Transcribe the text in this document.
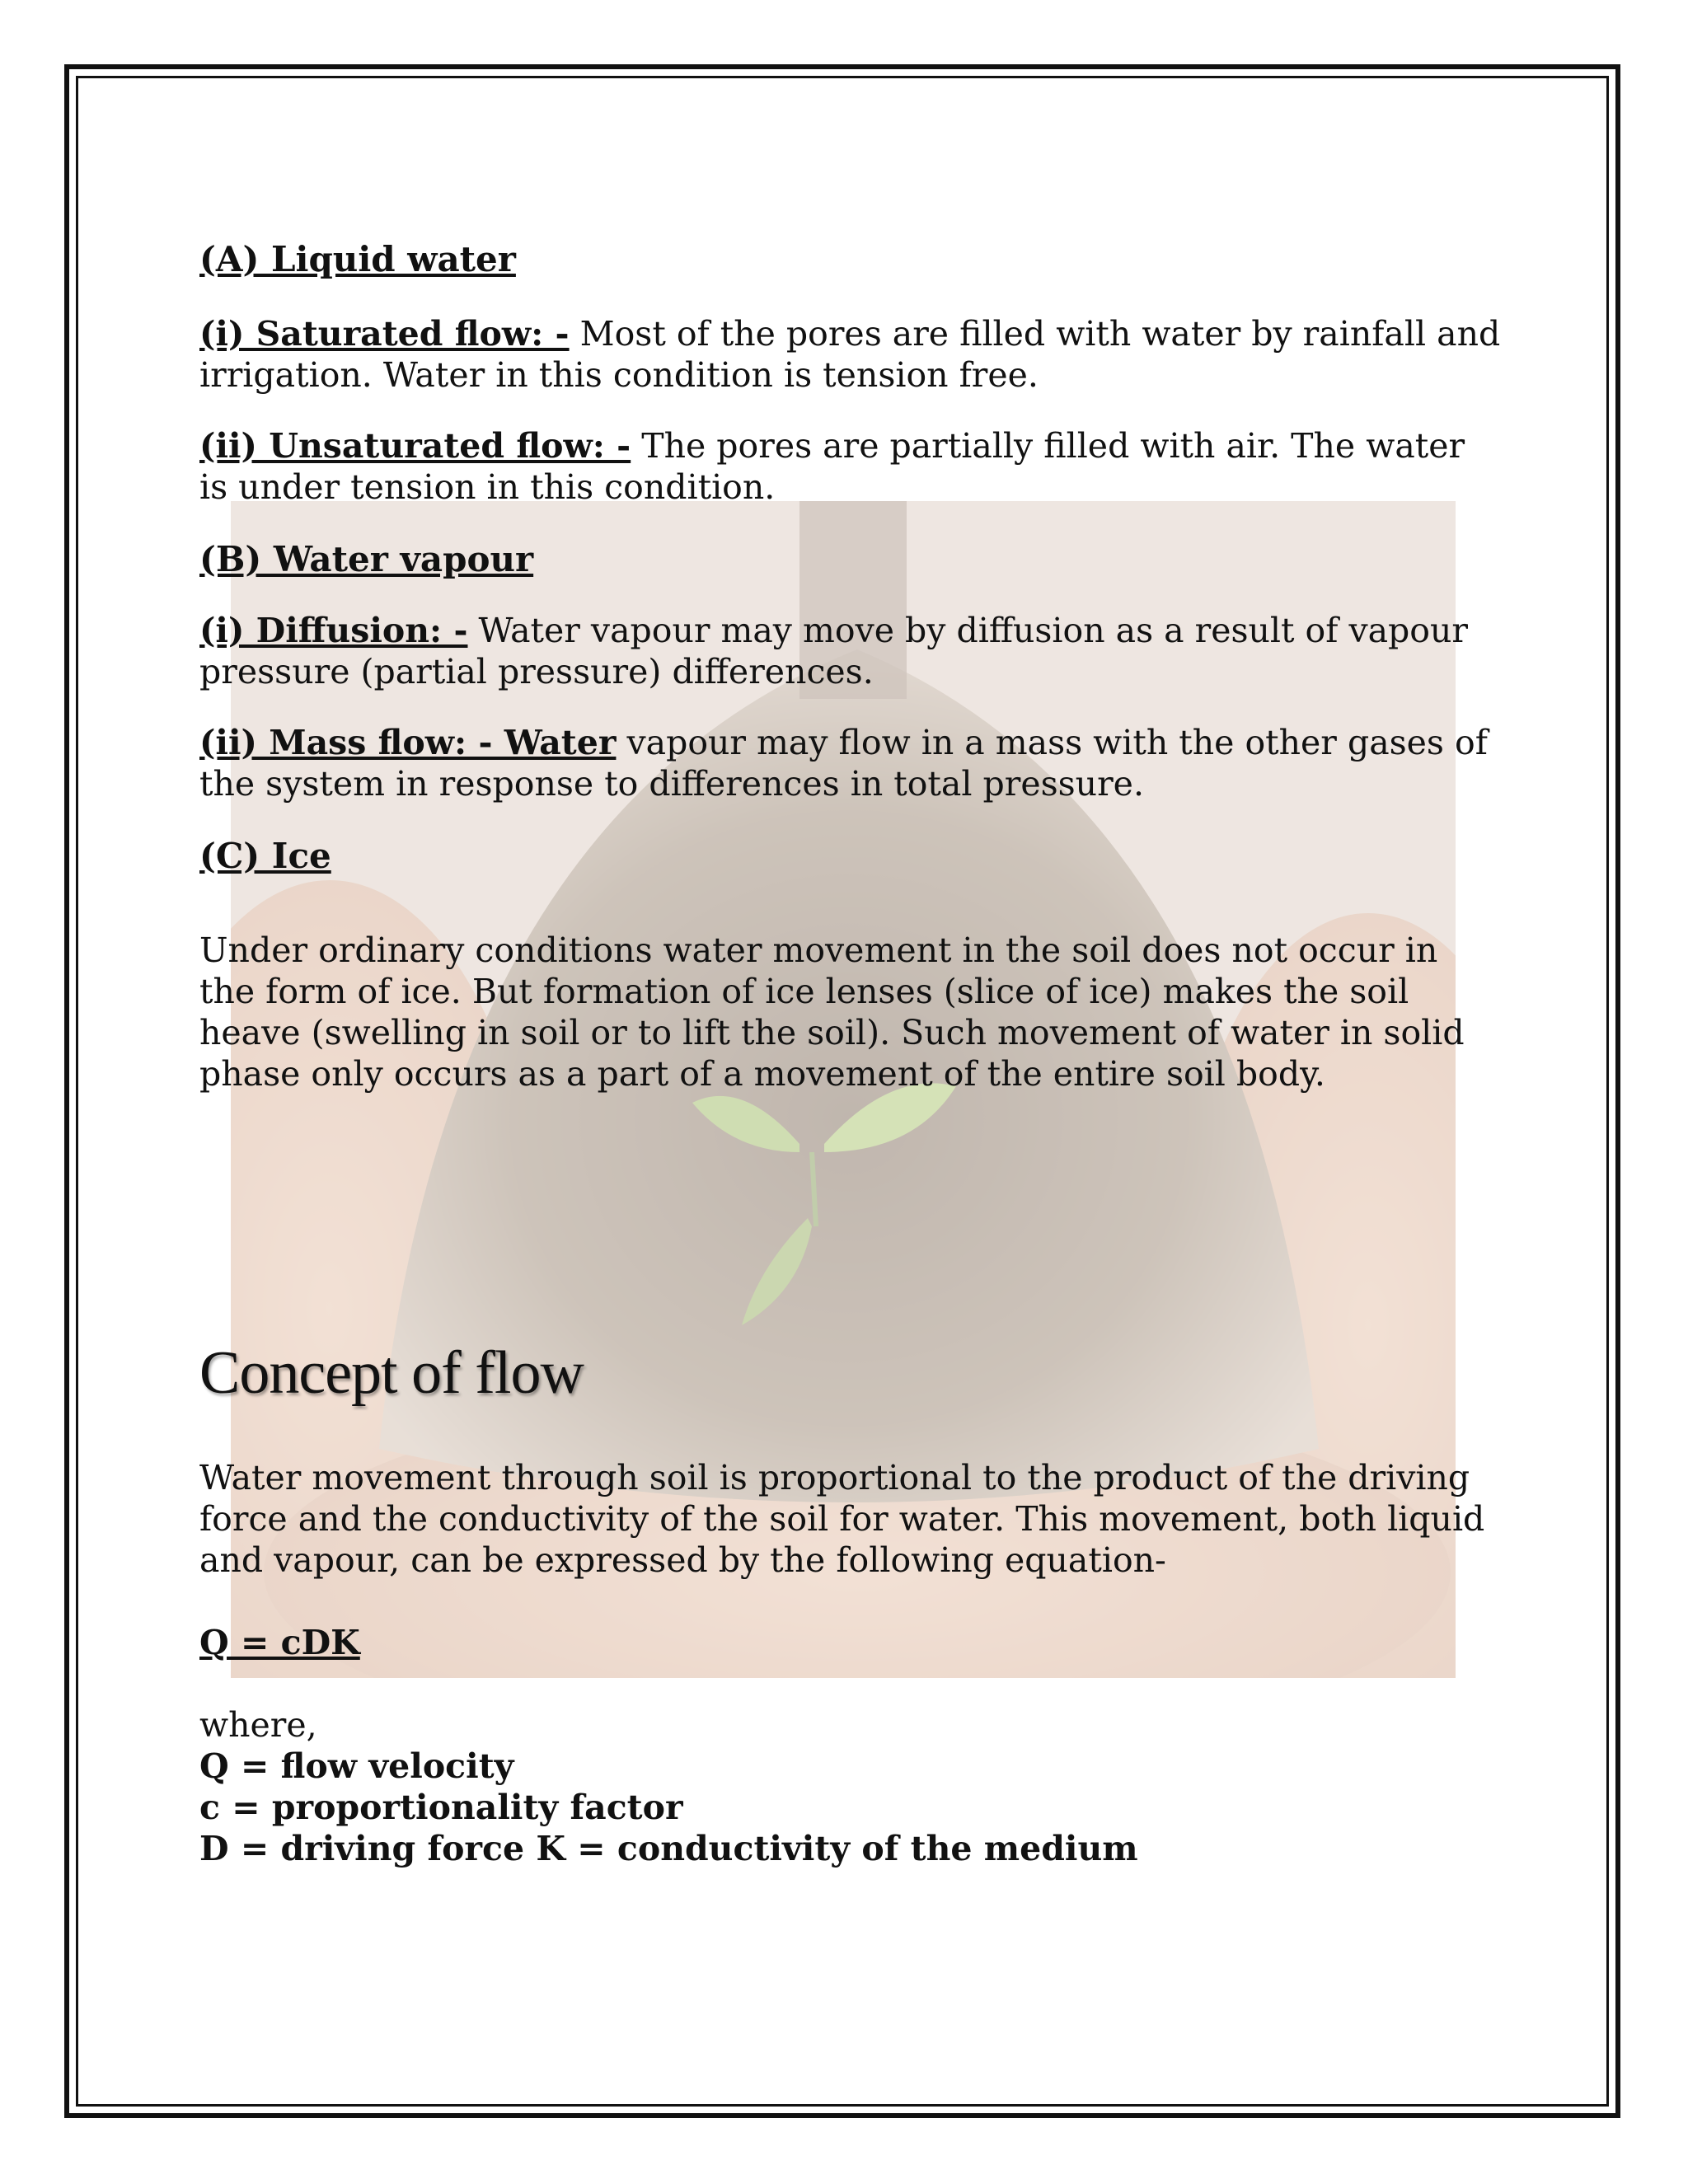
(A) Liquid water

(i) Saturated flow: - Most of the pores are filled with water by rainfall and irrigation. Water in this condition is tension free.

(ii) Unsaturated flow: - The pores are partially filled with air. The water is under tension in this condition.

(B) Water vapour

(i) Diffusion: - Water vapour may move by diffusion as a result of vapour pressure (partial pressure) differences.

(ii) Mass flow: - Water vapour may flow in a mass with the other gases of the system in response to differences in total pressure.

(C) Ice

Under ordinary conditions water movement in the soil does not occur in the form of ice. But formation of ice lenses (slice of ice) makes the soil heave (swelling in soil or to lift the soil). Such movement of water in solid phase only occurs as a part of a movement of the entire soil body.

Concept of flow

Water movement through soil is proportional to the product of the driving force and the conductivity of the soil for water. This movement, both liquid and vapour, can be expressed by the following equation-

Q = cDK

where,

Q = flow velocity

c = proportionality factor

D = driving force K = conductivity of the medium
